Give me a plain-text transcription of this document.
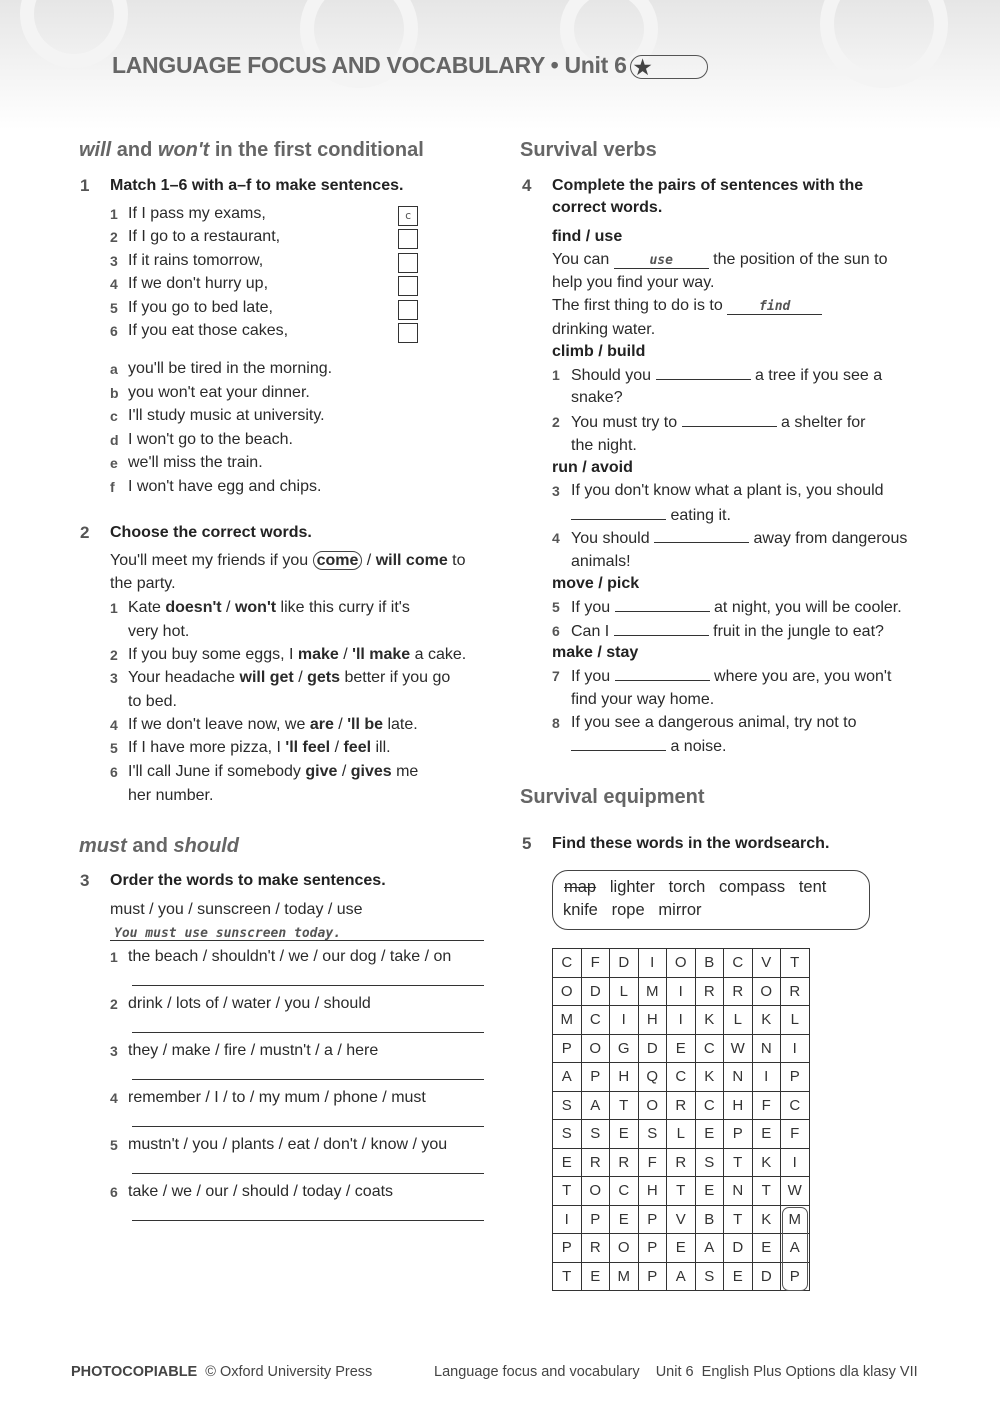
LANGUAGE FOCUS AND VOCABULARY • Unit 6 ★
will and won't in the first conditional
1 Match 1–6 with a–f to make sentences.
1 If I pass my exams,	c
2 If I go to a restaurant,
3 If it rains tomorrow,
4 If we don't hurry up,
5 If you go to bed late,
6 If you eat those cakes,
a you'll be tired in the morning.
b you won't eat your dinner.
c I'll study music at university.
d I won't go to the beach.
e we'll miss the train.
f I won't have egg and chips.
2 Choose the correct words.
You'll meet my friends if you come / will come to
the party.
1 Kate doesn't / won't like this curry if it's
very hot.
2 If you buy some eggs, I make / 'll make a cake.
3 Your headache will get / gets better if you go
to bed.
4 If we don't leave now, we are / 'll be late.
5 If I have more pizza, I 'll feel / feel ill.
6 I'll call June if somebody give / gives me
her number.
must and should
3 Order the words to make sentences.
must / you / sunscreen / today / use
You must use sunscreen today.
1 the beach / shouldn't / we / our dog / take / on
2 drink / lots of / water / you / should
3 they / make / fire / mustn't / a / here
4 remember / I / to / my mum / phone / must
5 mustn't / you / plants / eat / don't / know / you
6 take / we / our / should / today / coats
Survival verbs
4 Complete the pairs of sentences with the
correct words.
find / use
You can	use the position of the sun to
help you find your way.
The first thing to do is to find
drinking water.
climb / build
1 Should you	a tree if you see a
snake?
2 You must try to	a shelter for
the night.
run / avoid
3 If you don't know what a plant is, you should
eating it.
4 You should	away from dangerous
animals!
move / pick
5 If you	at night, you will be cooler.
6 Can I	fruit in the jungle to eat?
make / stay
7 If you	where you are, you won't
find your way home.
8 If you see a dangerous animal, try not to
a noise.
Survival equipment
5 Find these words in the wordsearch.
map lighter torch compass tent
knife rope mirror
C	F	D	I	O	B	C	V	T
O	D	L	M	I	R	R	O	R
M	C	I	H	I	K	L	K	L
P	O	G	D	E	C	W	N	I
A	P	H	Q	C	K	N	I	P
S	A	T	O	R	C	H	F	C
S	S	E	S	L	E	P	E	F
E	R	R	F	R	S	T	K	I
T	O	C	H	T	E	N	T	W
I	P	E	P	V	B	T	K	M
P	R	O	P	E	A	D	E	A
T	E	M	P	A	S	E	D	P
PHOTOCOPIABLE © Oxford University Press	Language focus and vocabulary Unit 6 English Plus Options dla klasy VII
